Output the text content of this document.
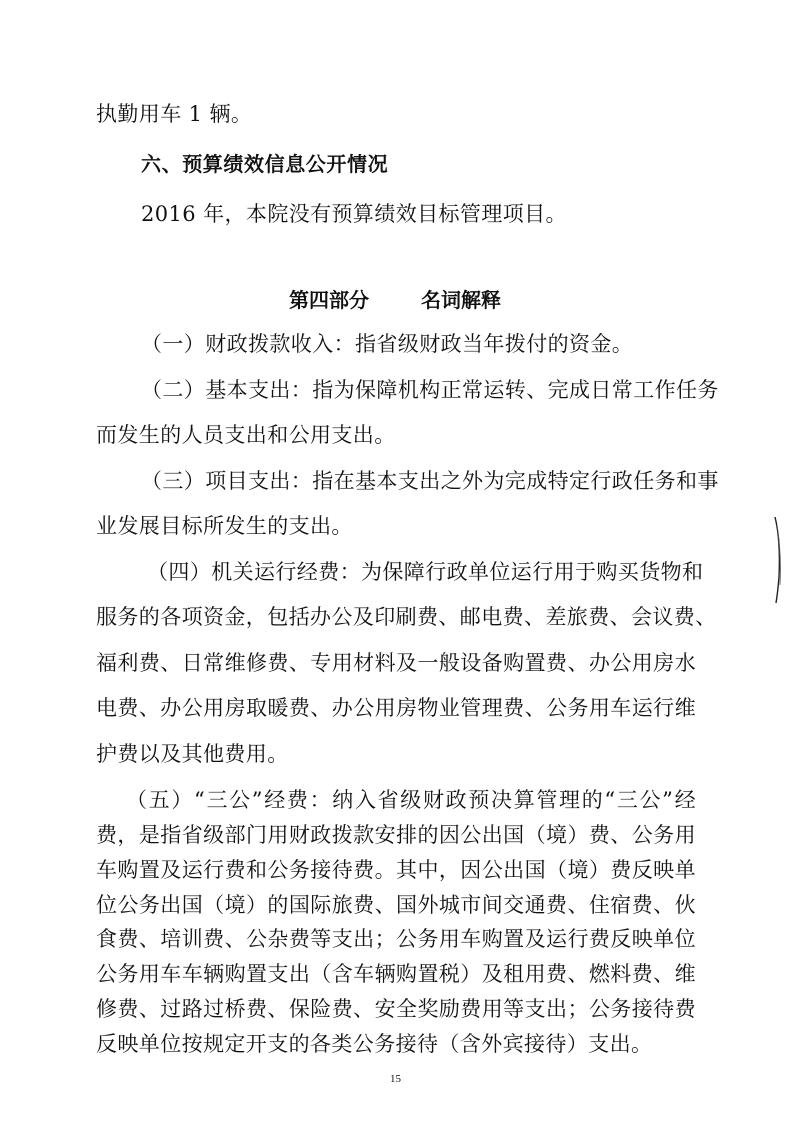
执勤用车 1 辆。
六、预算绩效信息公开情况
2016 年，本院没有预算绩效目标管理项目。
第四部分	名词解释
（一）财政拨款收入：指省级财政当年拨付的资金。
（二）基本支出：指为保障机构正常运转、完成日常工作任务
而发生的人员支出和公用支出。
（三）项目支出：指在基本支出之外为完成特定行政任务和事
业发展目标所发生的支出。
（四）机关运行经费：为保障行政单位运行用于购买货物和
服务的各项资金，包括办公及印刷费、邮电费、差旅费、会议费、
福利费、日常维修费、专用材料及一般设备购置费、办公用房水
电费、办公用房取暖费、办公用房物业管理费、公务用车运行维
护费以及其他费用。
（五）“三公”经费：纳入省级财政预决算管理的“三公”经
费，是指省级部门用财政拨款安排的因公出国（境）费、公务用
车购置及运行费和公务接待费。其中，因公出国（境）费反映单
位公务出国（境）的国际旅费、国外城市间交通费、住宿费、伙
食费、培训费、公杂费等支出；公务用车购置及运行费反映单位
15
公务用车车辆购置支出（含车辆购置税）及租用费、燃料费、维
修费、过路过桥费、保险费、安全奖励费用等支出；公务接待费
反映单位按规定开支的各类公务接待（含外宾接待）支出。
